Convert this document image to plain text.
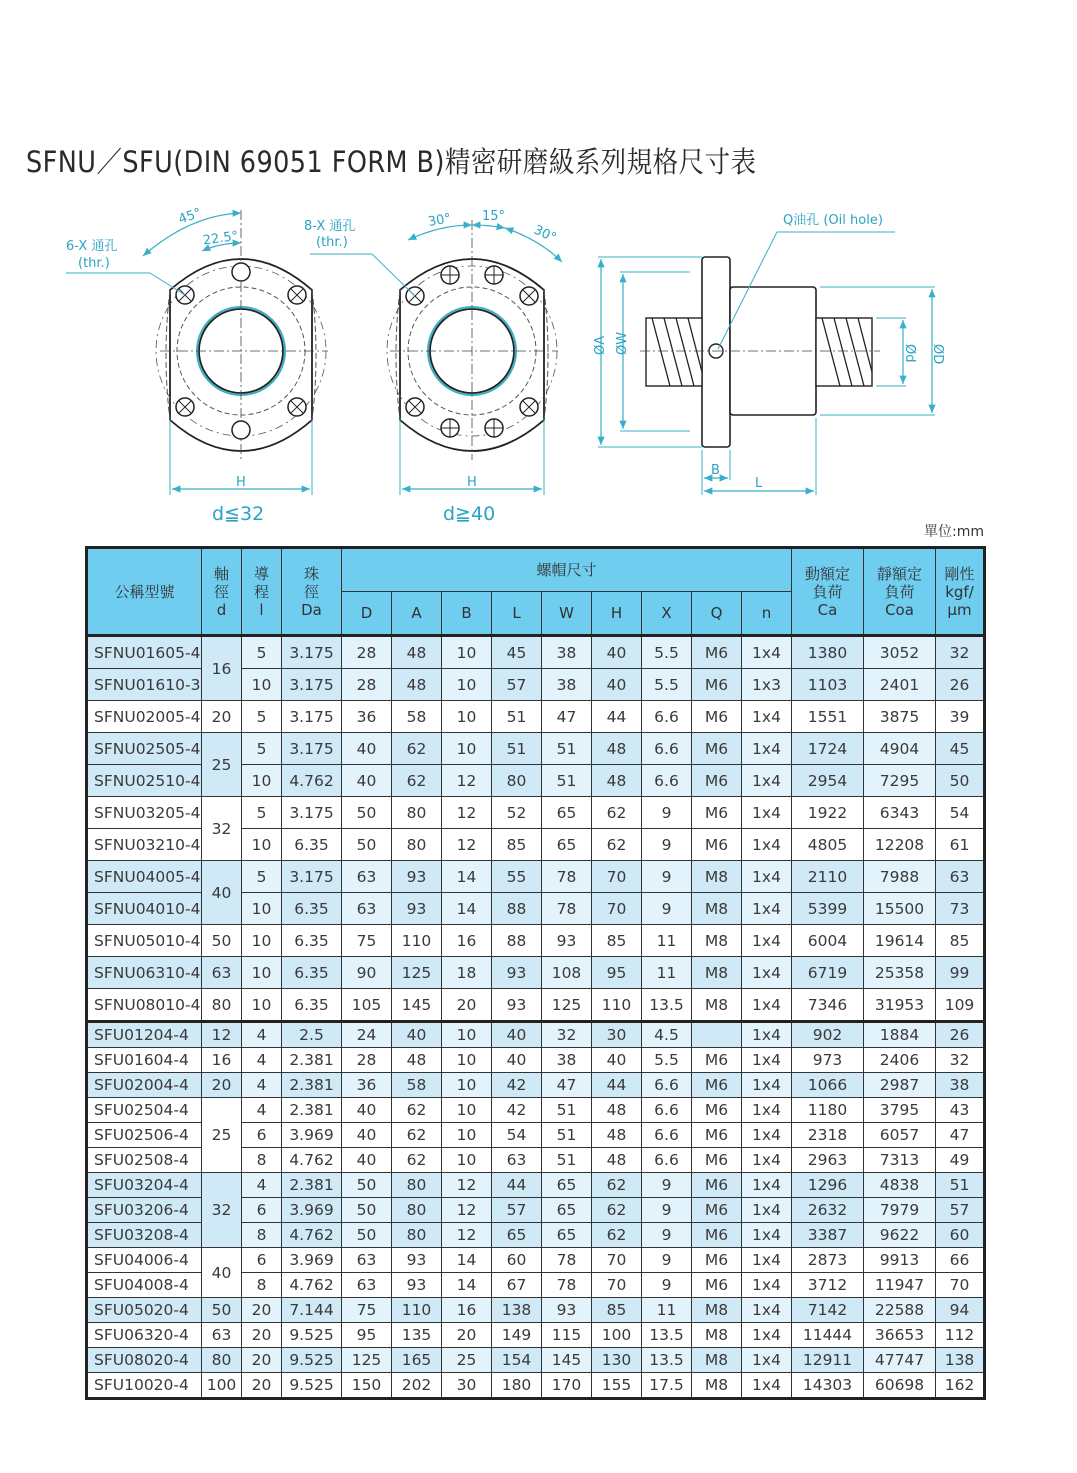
SFNU／SFU(DIN 69051 FORM B)精密研磨級系列規格尺寸表
6-X 通孔
(thr.)
45°
22.5°
H
d≦32
8-X 通孔
(thr.)
30° 15°
30°
H
d≧40
Q油孔 (Oil hole)
ØA ØW	Ød ØD
B
L
單位:mm
公稱型號	軸
徑
d	導
程
l	珠
徑
Da	螺帽尺寸									動額定
負荷
Ca	靜額定
負荷
Coa	剛性
kgf/
μm

				D	A	B	L	W	H	X	Q	n			
SFNU01605-4	16	5	3.175	28	48	10	45	38	40	5.5	M6	1x4	1380	3052	32
SFNU01610-3		10	3.175	28	48	10	57	38	40	5.5	M6	1x3	1103	2401	26
SFNU02005-4	20	5	3.175	36	58	10	51	47	44	6.6	M6	1x4	1551	3875	39
SFNU02505-4	25	5	3.175	40	62	10	51	51	48	6.6	M6	1x4	1724	4904	45
SFNU02510-4		10	4.762	40	62	12	80	51	48	6.6	M6	1x4	2954	7295	50
SFNU03205-4	32	5	3.175	50	80	12	52	65	62	9	M6	1x4	1922	6343	54
SFNU03210-4		10	6.35	50	80	12	85	65	62	9	M6	1x4	4805	12208	61
SFNU04005-4	40	5	3.175	63	93	14	55	78	70	9	M8	1x4	2110	7988	63
SFNU04010-4		10	6.35	63	93	14	88	78	70	9	M8	1x4	5399	15500	73
SFNU05010-4	50	10	6.35	75	110	16	88	93	85	11	M8	1x4	6004	19614	85
SFNU06310-4	63	10	6.35	90	125	18	93	108	95	11	M8	1x4	6719	25358	99
SFNU08010-4	80	10	6.35	105	145	20	93	125	110	13.5	M8	1x4	7346	31953	109
SFU01204-4	12	4	2.5	24	40	10	40	32	30	4.5		1x4	902	1884	26
SFU01604-4	16	4	2.381	28	48	10	40	38	40	5.5	M6	1x4	973	2406	32
SFU02004-4	20	4	2.381	36	58	10	42	47	44	6.6	M6	1x4	1066	2987	38
SFU02504-4	25	4	2.381	40	62	10	42	51	48	6.6	M6	1x4	1180	3795	43
SFU02506-4		6	3.969	40	62	10	54	51	48	6.6	M6	1x4	2318	6057	47
SFU02508-4		8	4.762	40	62	10	63	51	48	6.6	M6	1x4	2963	7313	49
SFU03204-4	32	4	2.381	50	80	12	44	65	62	9	M6	1x4	1296	4838	51
SFU03206-4		6	3.969	50	80	12	57	65	62	9	M6	1x4	2632	7979	57
SFU03208-4		8	4.762	50	80	12	65	65	62	9	M6	1x4	3387	9622	60
SFU04006-4	40	6	3.969	63	93	14	60	78	70	9	M6	1x4	2873	9913	66
SFU04008-4		8	4.762	63	93	14	67	78	70	9	M6	1x4	3712	11947	70
SFU05020-4	50	20	7.144	75	110	16	138	93	85	11	M8	1x4	7142	22588	94
SFU06320-4	63	20	9.525	95	135	20	149	115	100	13.5	M8	1x4	11444	36653	112
SFU08020-4	80	20	9.525	125	165	25	154	145	130	13.5	M8	1x4	12911	47747	138
SFU10020-4	100	20	9.525	150	202	30	180	170	155	17.5	M8	1x4	14303	60698	162
